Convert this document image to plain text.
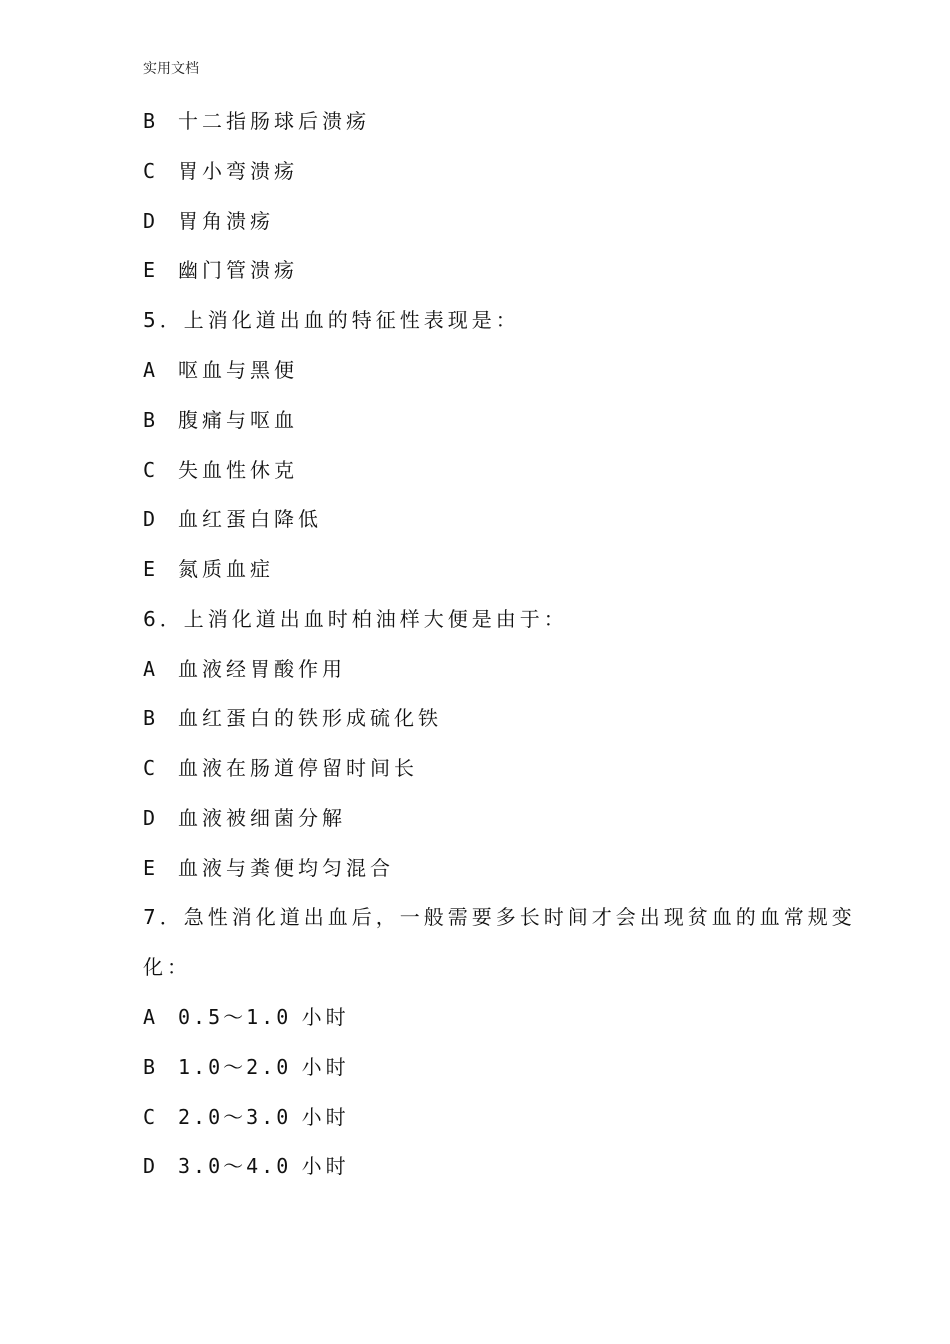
实用文档
B 十二指肠球后溃疡
C 胃小弯溃疡
D 胃角溃疡
E 幽门管溃疡
5．上消化道出血的特征性表现是：
A 呕血与黑便
B 腹痛与呕血
C 失血性休克
D 血红蛋白降低
E 氮质血症
6．上消化道出血时柏油样大便是由于：
A 血液经胃酸作用
B 血红蛋白的铁形成硫化铁
C 血液在肠道停留时间长
D 血液被细菌分解
E 血液与粪便均匀混合
7．急性消化道出血后，一般需要多长时间才会出现贫血的血常规变
化：
A 0.5～1.0 小时
B 1.0～2.0 小时
C 2.0～3.0 小时
D 3.0～4.0 小时
